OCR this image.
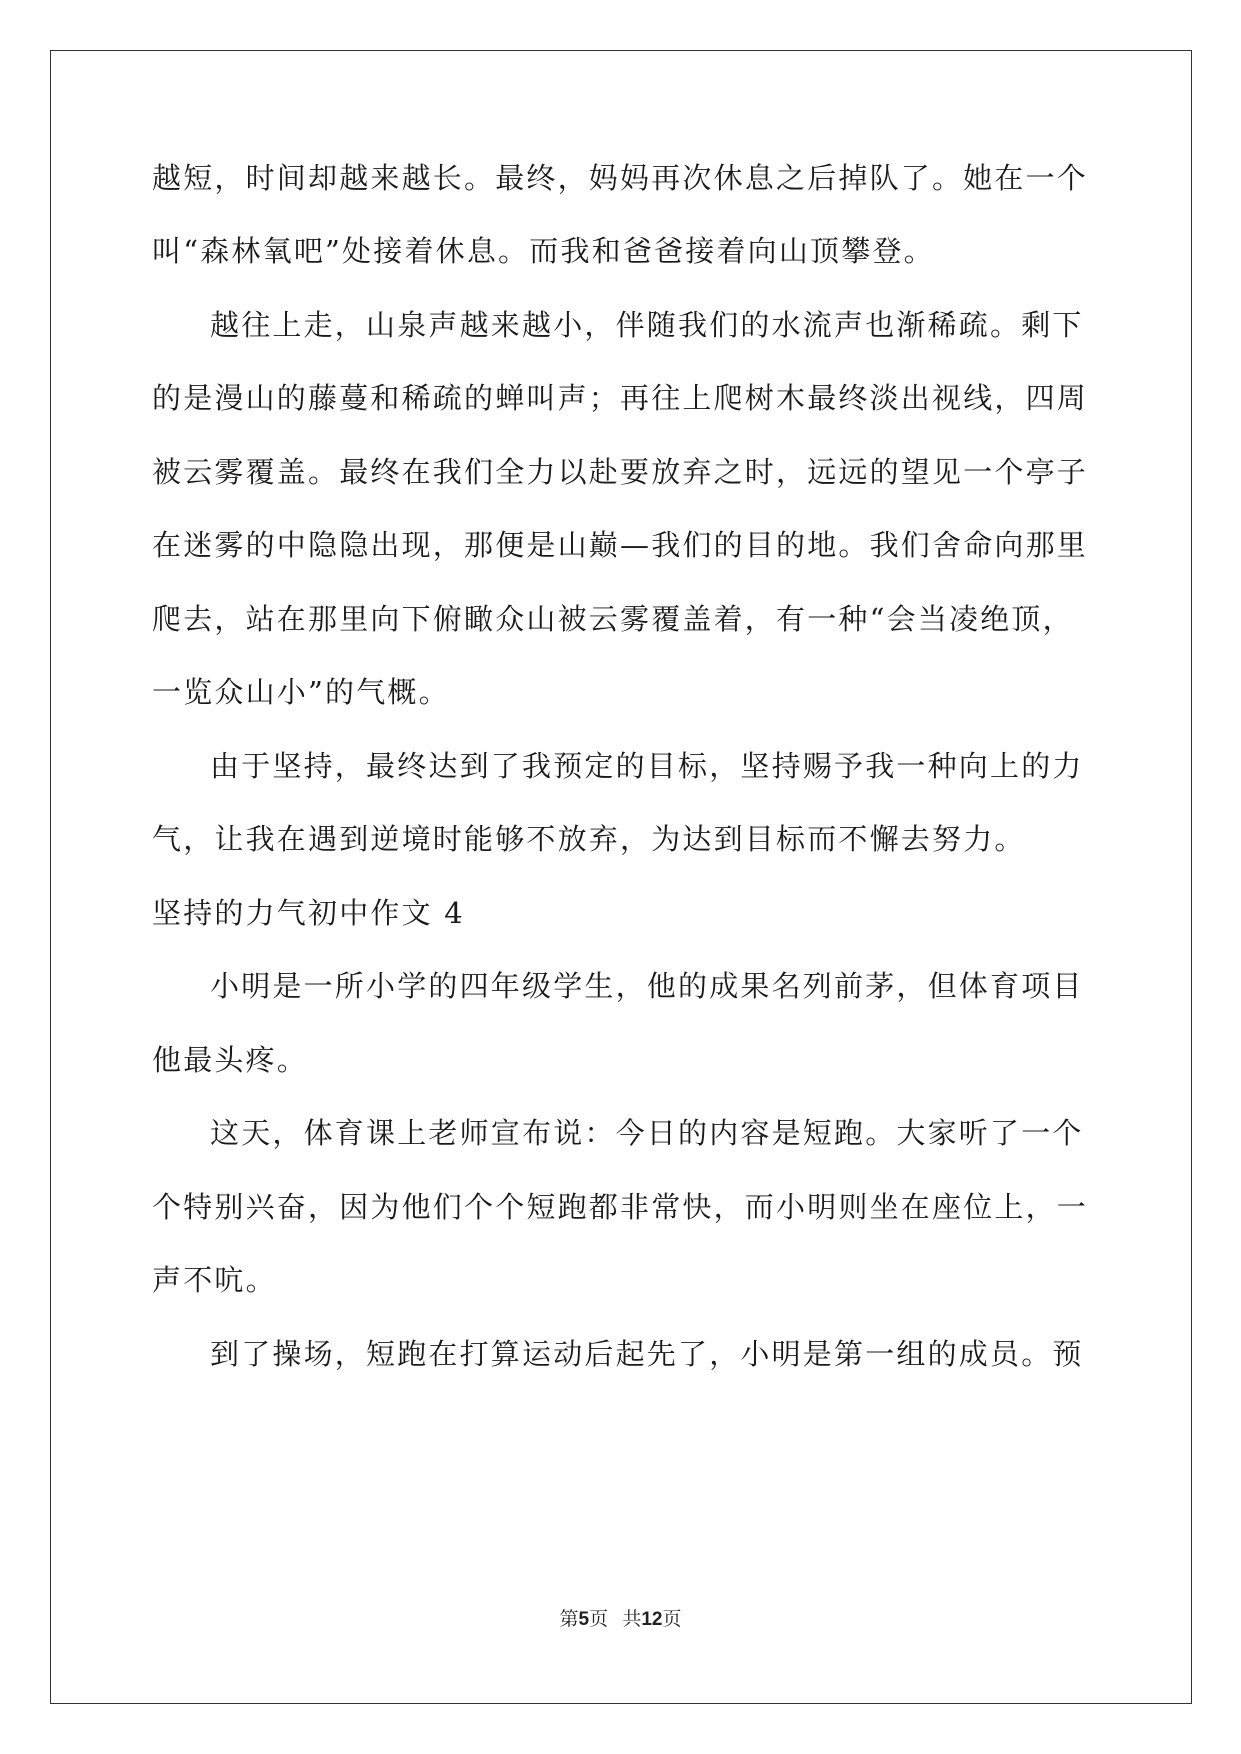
越短，时间却越来越长。最终，妈妈再次休息之后掉队了。她在一个
叫“森林氧吧”处接着休息。而我和爸爸接着向山顶攀登。
越往上走，山泉声越来越小，伴随我们的水流声也渐稀疏。剩下
的是漫山的藤蔓和稀疏的蝉叫声；再往上爬树木最终淡出视线，四周
被云雾覆盖。最终在我们全力以赴要放弃之时，远远的望见一个亭子
在迷雾的中隐隐出现，那便是山巅—我们的目的地。我们舍命向那里
爬去，站在那里向下俯瞰众山被云雾覆盖着，有一种“会当凌绝顶，
一览众山小”的气概。
由于坚持，最终达到了我预定的目标，坚持赐予我一种向上的力
气，让我在遇到逆境时能够不放弃，为达到目标而不懈去努力。
坚持的力气初中作文 4
小明是一所小学的四年级学生，他的成果名列前茅，但体育项目
他最头疼。
这天，体育课上老师宣布说：今日的内容是短跑。大家听了一个
个特别兴奋，因为他们个个短跑都非常快，而小明则坐在座位上，一
声不吭。
到了操场，短跑在打算运动后起先了，小明是第一组的成员。预
第5页 共12页
